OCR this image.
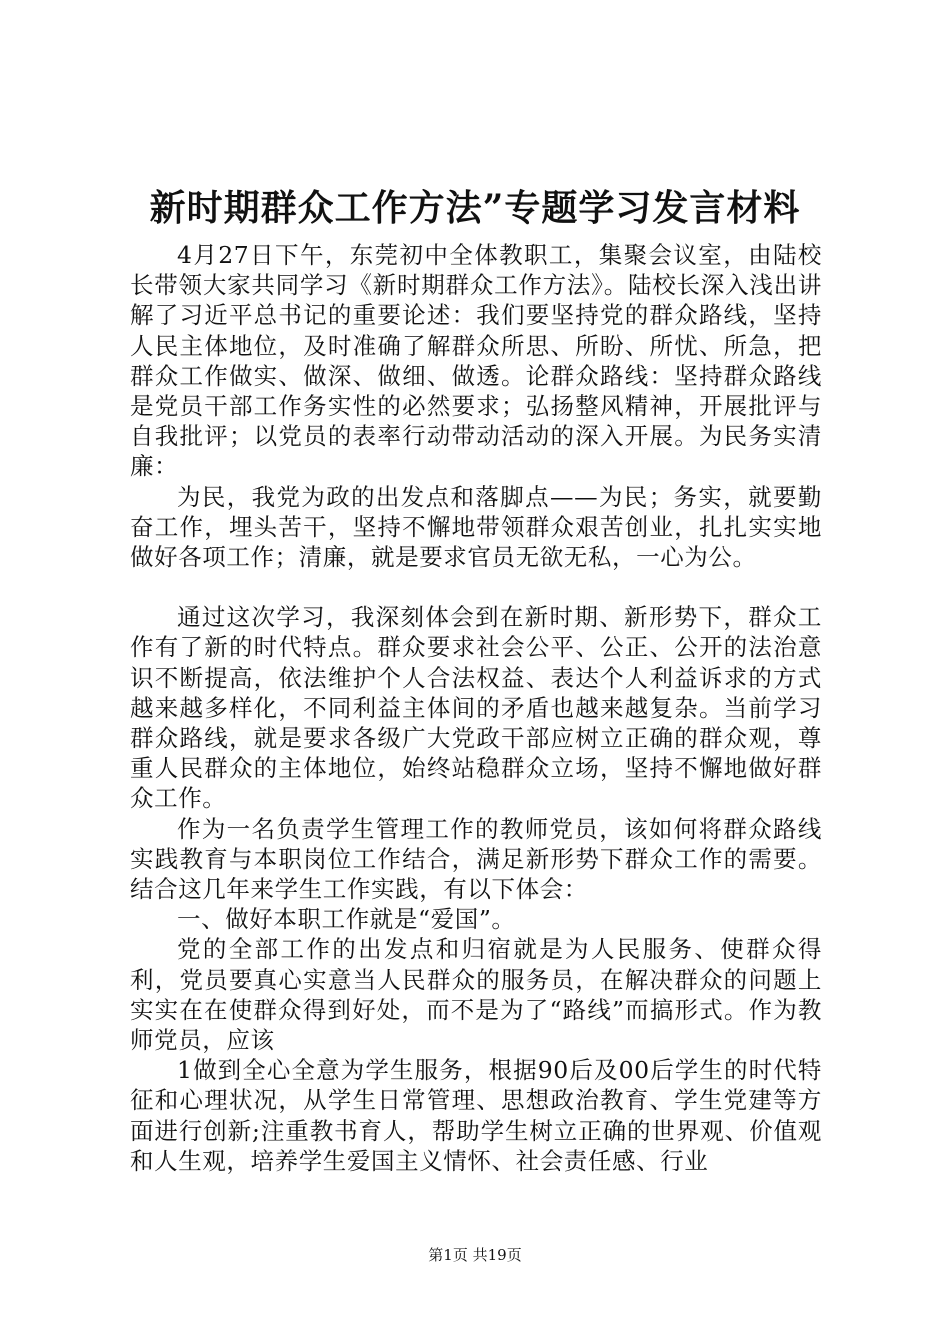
新时期群众工作方法”专题学习发言材料

4月27日下午，东莞初中全体教职工，集聚会议室，由陆校长带领大家共同学习《新时期群众工作方法》。陆校长深入浅出讲解了习近平总书记的重要论述：我们要坚持党的群众路线，坚持人民主体地位，及时准确了解群众所思、所盼、所忧、所急，把群众工作做实、做深、做细、做透。论群众路线：坚持群众路线是党员干部工作务实性的必然要求；弘扬整风精神，开展批评与自我批评；以党员的表率行动带动活动的深入开展。为民务实清廉：

为民，我党为政的出发点和落脚点——为民；务实，就要勤奋工作，埋头苦干，坚持不懈地带领群众艰苦创业，扎扎实实地做好各项工作；清廉，就是要求官员无欲无私，一心为公。

通过这次学习，我深刻体会到在新时期、新形势下，群众工作有了新的时代特点。群众要求社会公平、公正、公开的法治意识不断提高，依法维护个人合法权益、表达个人利益诉求的方式越来越多样化，不同利益主体间的矛盾也越来越复杂。当前学习群众路线，就是要求各级广大党政干部应树立正确的群众观，尊重人民群众的主体地位，始终站稳群众立场，坚持不懈地做好群众工作。

作为一名负责学生管理工作的教师党员，该如何将群众路线实践教育与本职岗位工作结合，满足新形势下群众工作的需要。结合这几年来学生工作实践，有以下体会：

一、做好本职工作就是“爱国”。

党的全部工作的出发点和归宿就是为人民服务、使群众得利，党员要真心实意当人民群众的服务员，在解决群众的问题上实实在在使群众得到好处，而不是为了“路线”而搞形式。作为教师党员，应该

1做到全心全意为学生服务，根据90后及00后学生的时代特征和心理状况，从学生日常管理、思想政治教育、学生党建等方面进行创新;注重教书育人，帮助学生树立正确的世界观、价值观和人生观，培养学生爱国主义情怀、社会责任感、行业

第1页 共19页
